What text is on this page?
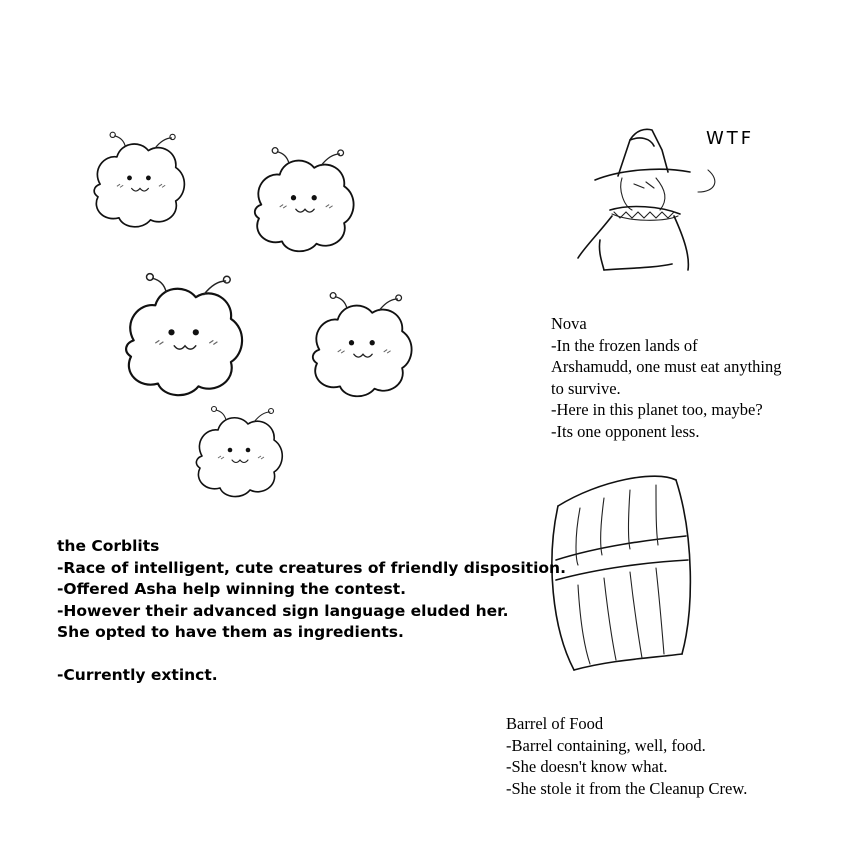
WTF
the Corblits
-Race of intelligent, cute creatures of friendly disposition.
-Offered Asha help winning the contest.
-However their advanced sign language eluded her.
She opted to have them as ingredients.
-Currently extinct.
Nova
-In the frozen lands of
Arshamudd, one must eat anything
to survive.
-Here in this planet too, maybe?
-Its one opponent less.
Barrel of Food
-Barrel containing, well, food.
-She doesn't know what.
-She stole it from the Cleanup Crew.
